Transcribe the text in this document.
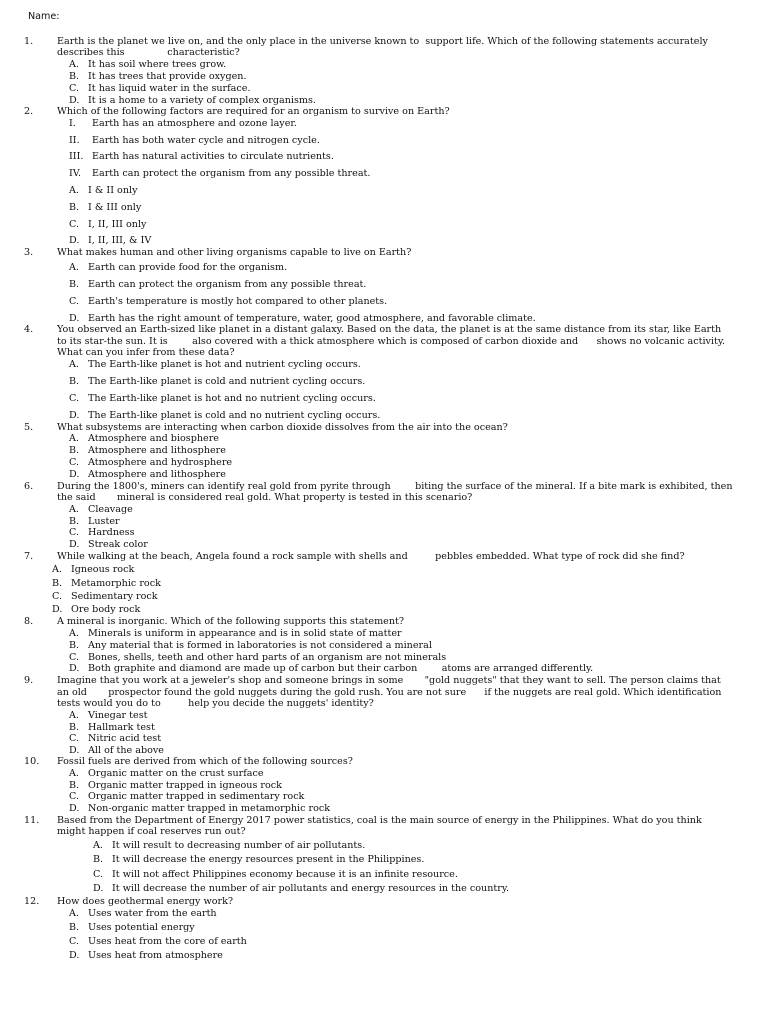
Name:
1. Earth is the planet we live on, and the only place in the universe known to  support life. Which of the following statements accurately
describes this              characteristic?
A. It has soil where trees grow.
B. It has trees that provide oxygen.
C. It has liquid water in the surface.
D. It is a home to a variety of complex organisms.
2. Which of the following factors are required for an organism to survive on Earth?
I. Earth has an atmosphere and ozone layer.
II. Earth has both water cycle and nitrogen cycle.
III. Earth has natural activities to circulate nutrients.
IV. Earth can protect the organism from any possible threat.
A. I & II only
B. I & III only
C. I, II, III only
D. I, II, III, & IV
3. What makes human and other living organisms capable to live on Earth?
A. Earth can provide food for the organism.
B. Earth can protect the organism from any possible threat.
C. Earth's temperature is mostly hot compared to other planets.
D. Earth has the right amount of temperature, water, good atmosphere, and favorable climate.
4. You observed an Earth-sized like planet in a distant galaxy. Based on the data, the planet is at the same distance from its star, like Earth
to its star-the sun. It is        also covered with a thick atmosphere which is composed of carbon dioxide and      shows no volcanic activity.
What can you infer from these data?
A. The Earth-like planet is hot and nutrient cycling occurs.
B. The Earth-like planet is cold and nutrient cycling occurs.
C. The Earth-like planet is hot and no nutrient cycling occurs.
D. The Earth-like planet is cold and no nutrient cycling occurs.
5. What subsystems are interacting when carbon dioxide dissolves from the air into the ocean?
A. Atmosphere and biosphere
B. Atmosphere and lithosphere
C. Atmosphere and hydrosphere
D. Atmosphere and lithosphere
6. During the 1800's, miners can identify real gold from pyrite through        biting the surface of the mineral. If a bite mark is exhibited, then
the said       mineral is considered real gold. What property is tested in this scenario?
A. Cleavage
B. Luster
C. Hardness
D. Streak color
7. While walking at the beach, Angela found a rock sample with shells and         pebbles embedded. What type of rock did she find?
A. Igneous rock
B. Metamorphic rock
C. Sedimentary rock
D. Ore body rock
8. A mineral is inorganic. Which of the following supports this statement?
A. Minerals is uniform in appearance and is in solid state of matter
B. Any material that is formed in laboratories is not considered a mineral
C. Bones, shells, teeth and other hard parts of an organism are not minerals
D. Both graphite and diamond are made up of carbon but their carbon        atoms are arranged differently.
9. Imagine that you work at a jeweler's shop and someone brings in some       "gold nuggets" that they want to sell. The person claims that
an old       prospector found the gold nuggets during the gold rush. You are not sure      if the nuggets are real gold. Which identification
tests would you do to         help you decide the nuggets' identity?
A. Vinegar test
B. Hallmark test
C. Nitric acid test
D. All of the above
10. Fossil fuels are derived from which of the following sources?
A. Organic matter on the crust surface
B. Organic matter trapped in igneous rock
C. Organic matter trapped in sedimentary rock
D. Non-organic matter trapped in metamorphic rock
11. Based from the Department of Energy 2017 power statistics, coal is the main source of energy in the Philippines. What do you think
might happen if coal reserves run out?
A. It will result to decreasing number of air pollutants.
B. It will decrease the energy resources present in the Philippines.
C. It will not affect Philippines economy because it is an infinite resource.
D. It will decrease the number of air pollutants and energy resources in the country.
12. How does geothermal energy work?
A. Uses water from the earth
B. Uses potential energy
C. Uses heat from the core of earth
D. Uses heat from atmosphere
